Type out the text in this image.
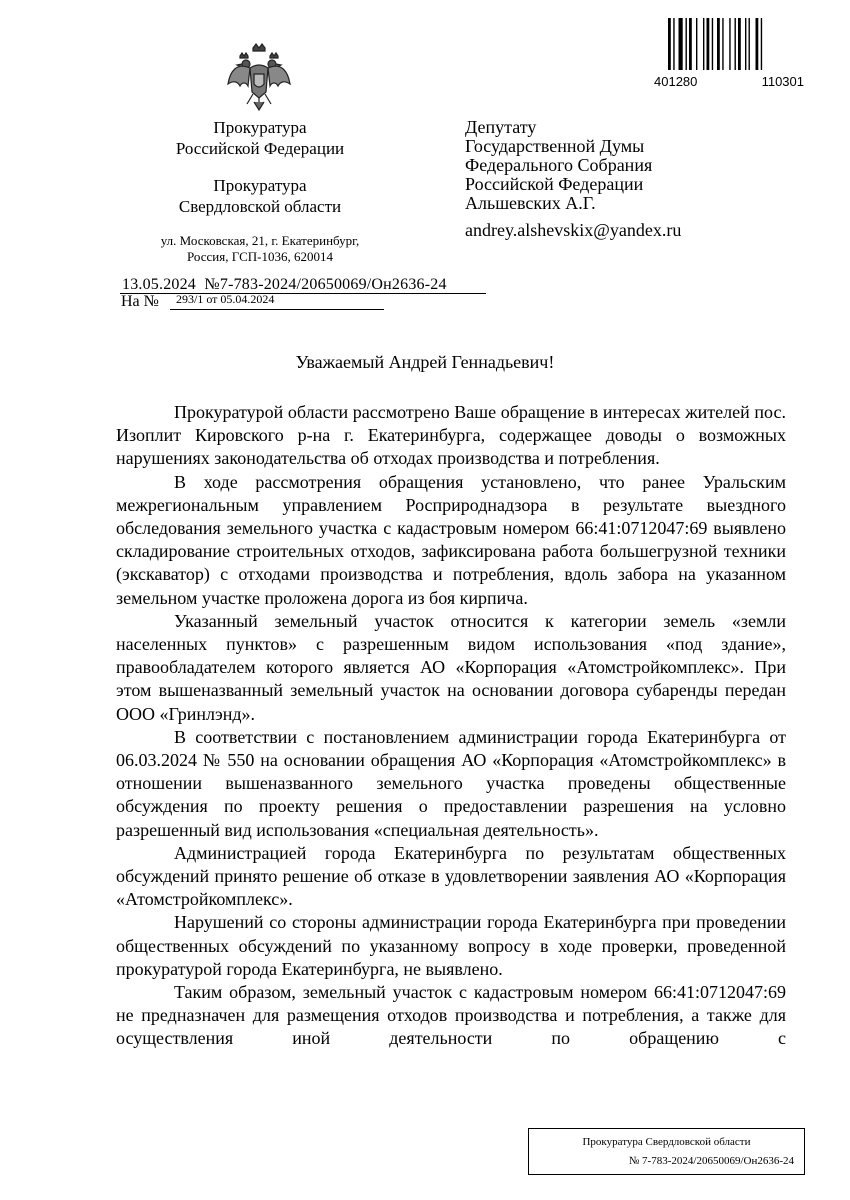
401280	110301
Прокуратура
Российской Федерации
Прокуратура
Свердловской области
ул. Московская, 21, г. Екатеринбург,
Россия, ГСП-1036, 620014
13.05.2024  №7-783-2024/20650069/Он2636-24
На № 293/1 от 05.04.2024
Депутату
Государственной Думы
Федерального Собрания
Российской Федерации
Альшевских А.Г.
andrey.alshevskix@yandex.ru
Уважаемый Андрей Геннадьевич!

Прокуратурой области рассмотрено Ваше обращение в интересах жителей пос. Изоплит Кировского р-на г. Екатеринбурга, содержащее доводы о возможных нарушениях законодательства об отходах производства и потребления.

В ходе рассмотрения обращения установлено, что ранее Уральским межрегиональным управлением Росприроднадзора в результате выездного обследования земельного участка с кадастровым номером 66:41:0712047:69 выявлено складирование строительных отходов, зафиксирована работа большегрузной техники (экскаватор) с отходами производства и потребления, вдоль забора на указанном земельном участке проложена дорога из боя кирпича.

Указанный земельный участок относится к категории земель «земли населенных пунктов» с разрешенным видом использования «под здание», правообладателем которого является АО «Корпорация «Атомстройкомплекс». При этом вышеназванный земельный участок на основании договора субаренды передан ООО «Гринлэнд».

В соответствии с постановлением администрации города Екатеринбурга от 06.03.2024 № 550 на основании обращения АО «Корпорация «Атомстройкомплекс» в отношении вышеназванного земельного участка проведены общественные обсуждения по проекту решения о предоставлении разрешения на условно разрешенный вид использования «специальная деятельность».

Администрацией города Екатеринбурга по результатам общественных обсуждений принято решение об отказе в удовлетворении заявления АО «Корпорация «Атомстройкомплекс».

Нарушений со стороны администрации города Екатеринбурга при проведении общественных обсуждений по указанному вопросу в ходе проверки, проведенной прокуратурой города Екатеринбурга, не выявлено.

Таким образом, земельный участок с кадастровым номером 66:41:0712047:69 не предназначен для размещения отходов производства и потребления, а также для осуществления иной деятельности по обращению с

Прокуратура Свердловской области
№ 7-783-2024/20650069/Он2636-24
